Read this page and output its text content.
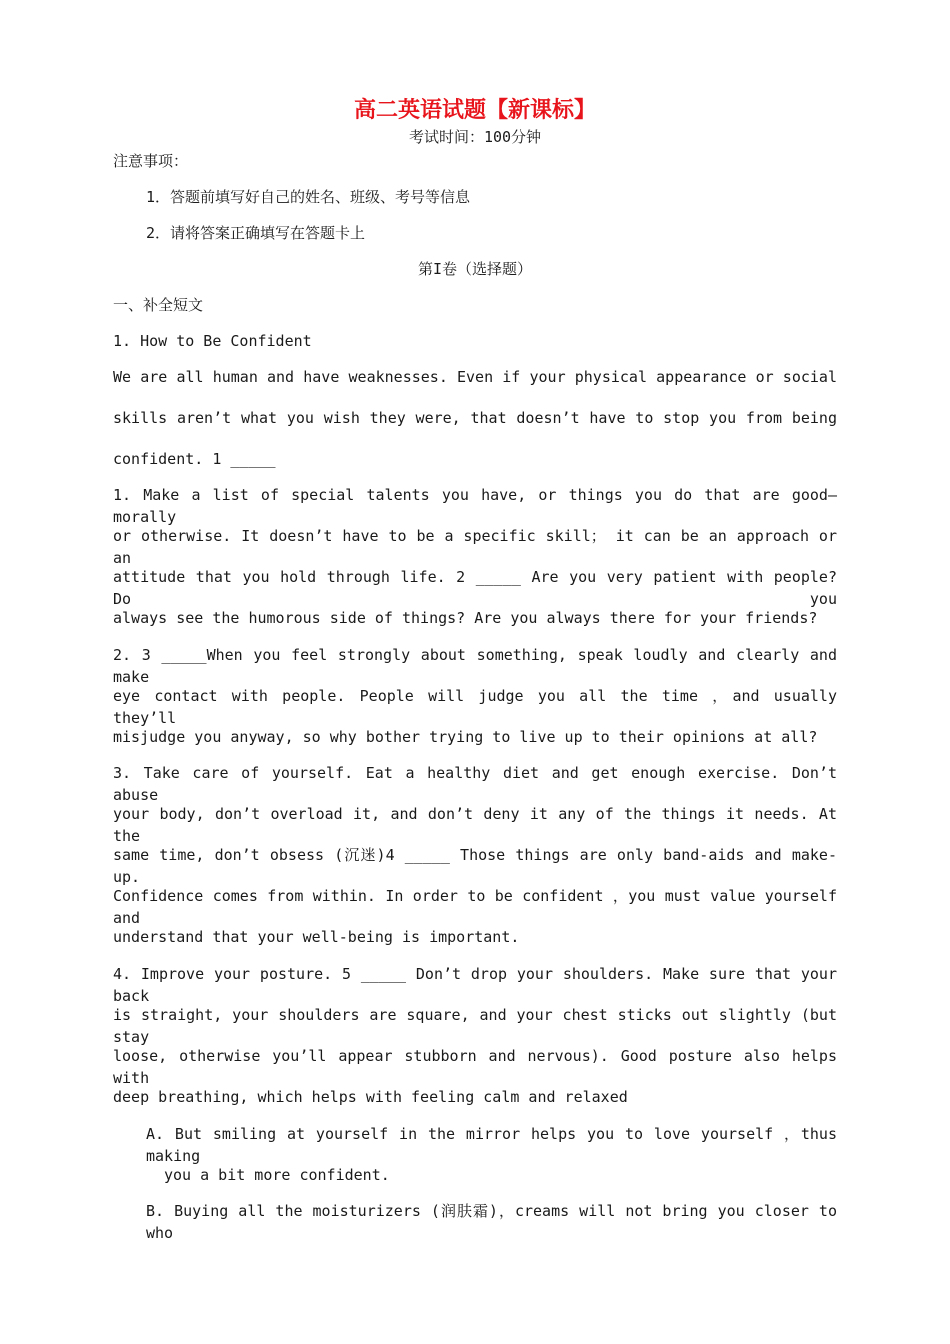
高二英语试题【新课标】
考试时间：100分钟
注意事项：
1．答题前填写好自己的姓名、班级、考号等信息
2．请将答案正确填写在答题卡上
第I卷（选择题）
一、补全短文
1. How to Be Confident
We are all human and have weaknesses. Even if your physical appearance or social
skills aren’t what you wish they were, that doesn’t have to stop you from being
confident. 1 _____
1. Make a list of special talents you have, or things you do that are good—morally
or otherwise. It doesn’t have to be a specific skill； it can be an approach or an
attitude that you hold through life. 2 _____ Are you very patient with people? Do you
always see the humorous side of things? Are you always there for your friends?
2. 3 _____When you feel strongly about something, speak loudly and clearly and make
eye contact with people. People will judge you all the time ，and usually they’ll
misjudge you anyway, so why bother trying to live up to their opinions at all?
3. Take care of yourself. Eat a healthy diet and get enough exercise. Don’t abuse
your body, don’t overload it, and don’t deny it any of the things it needs. At the
same time, don’t obsess (沉迷)4 _____ Those things are only band-aids and make-up.
Confidence comes from within. In order to be confident ，you must value yourself and
understand that your well-being is important.
4. Improve your posture. 5 _____ Don’t drop your shoulders. Make sure that your back
is straight, your shoulders are square, and your chest sticks out slightly (but stay
loose, otherwise you’ll appear stubborn and nervous). Good posture also helps with
deep breathing, which helps with feeling calm and relaxed
A. But smiling at yourself in the mirror helps you to love yourself ，thus making
you a bit more confident.
B. Buying all the moisturizers (润肤霜)，creams will not bring you closer to who
